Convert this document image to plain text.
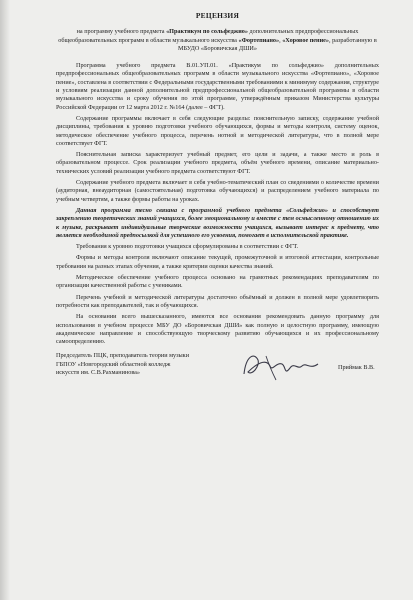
РЕЦЕНЗИЯ
на программу учебного предмета «Практикум по сольфеджио» дополнительных предпрофессиональных общеобразовательных программ в области музыкального искусства «Фортепиано», «Хоровое пение», разработанную в МБУДО «Боровичская ДШИ»

Программа учебного предмета В.01.УП.01. «Практикум по сольфеджио» дополнительных предпрофессиональных общеобразовательных программ в области музыкального искусства «Фортепиано», «Хоровое пение», составлена в соответствии с Федеральными государственными требованиями к минимуму содержания, структуре и условиям реализации данной дополнительной предпрофессиональной общеобразовательной программы в области музыкального искусства и сроку обучения по этой программе, утверждённым приказом Министерства культуры Российской Федерации от 12 марта 2012 г. №164 (далее – ФГТ).

Содержание программы включает в себя следующие разделы: пояснительную записку, содержание учебной дисциплины, требования к уровню подготовки учебного обучающихся, формы и методы контроля, систему оценок, методическое обеспечение учебного процесса, перечень нотной и методической литературы, что в полной мере соответствует ФГТ.

Пояснительная записка характеризует учебный предмет, его цели и задачи, а также место и роль в образовательном процессе. Срок реализации учебного предмета, объём учебного времени, описание материально-технических условий реализации учебного предмета соответствуют ФГТ.

Содержание учебного предмета включает в себя учебно-тематический план со сведениями о количестве времени (аудиторная, внеаудиторная (самостоятельная) подготовка обучающихся) и распределением учебного материала по учебным четвертям, а также формы работы на уроках.

Данная программа тесно связана с программой учебного предмета «Сольфеджио» и способствует закреплению теоретических знаний учащихся, более эмоциональному и вместе с тем осмысленному отношению их к музыке, раскрывает индивидуальные творческие возможности учащихся, вызывает интерес к предмету, что является необходимой предпосылкой для успешного его усвоения, помогает в исполнительской практике.

Требования к уровню подготовки учащихся сформулированы в соответствии с ФГТ.

Формы и методы контроля включают описание текущей, промежуточной и итоговой аттестации, контрольные требования на разных этапах обучения, а также критерии оценки качества знаний.

Методическое обеспечение учебного процесса основано на грамотных рекомендациях преподавателям по организации качественной работы с учениками.

Перечень учебной и методической литературы достаточно объёмный и должен в полной мере удовлетворить потребности как преподавателей, так и обучающихся.

На основании всего вышесказанного, имеются все основания рекомендовать данную программу для использования в учебном процессе МБУ ДО «Боровичская ДШИ» как полную и целостную программу, имеющую академическое направление и способствующую творческому развитию обучающихся и их профессиональному самоопределению.

Председатель ПЦК, преподаватель теории музыки
ГБПОУ «Новгородский областной колледж
искусств им. С.В.Рахманинова»
Приймак В.В.
